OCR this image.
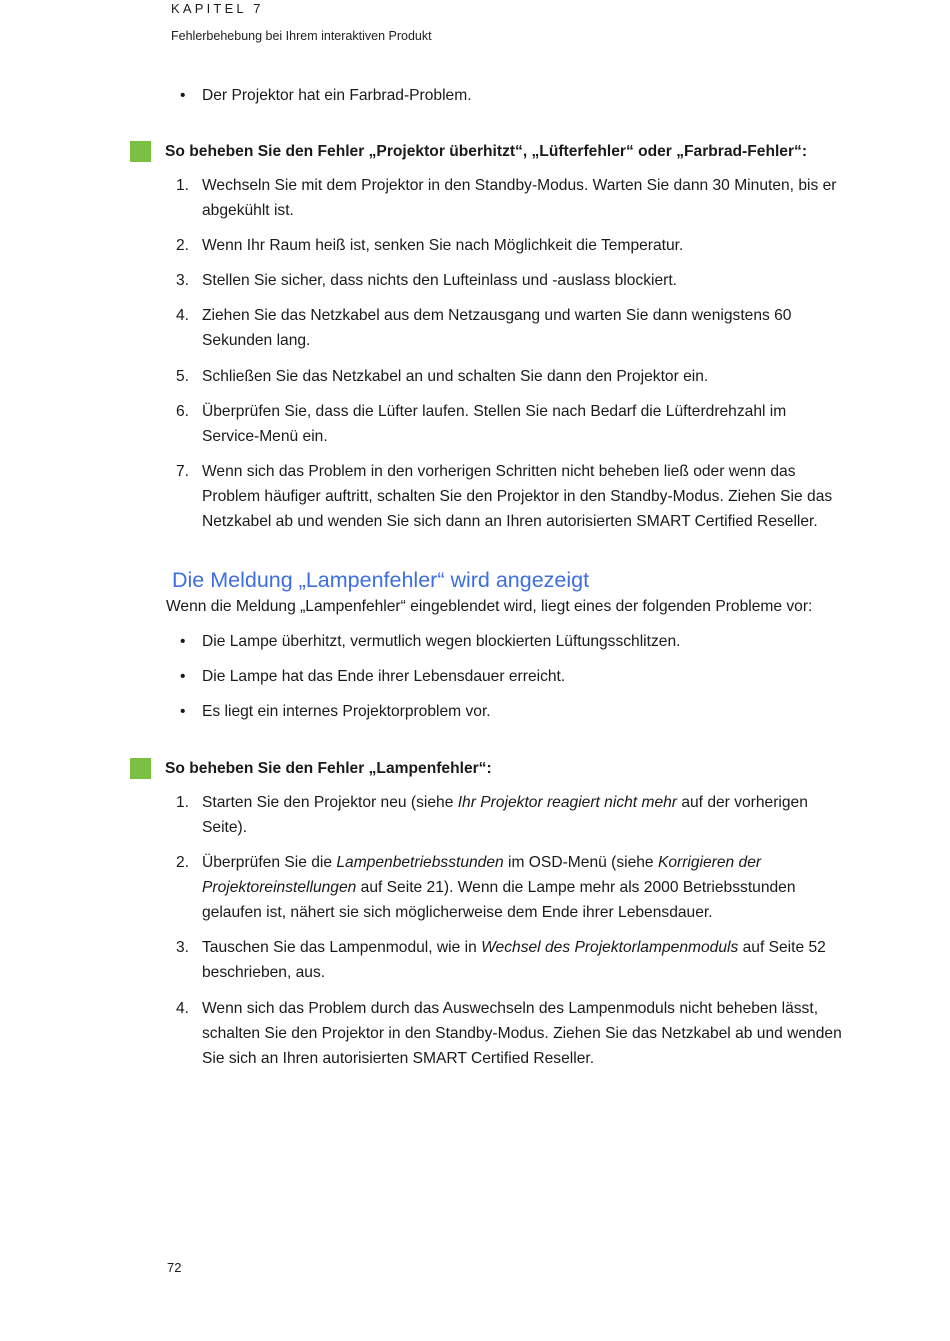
KAPITEL 7
Fehlerbehebung bei Ihrem interaktiven Produkt
•	Der Projektor hat ein Farbrad-Problem.
So beheben Sie den Fehler „Projektor überhitzt“, „Lüfterfehler“ oder „Farbrad-Fehler“:
1. Wechseln Sie mit dem Projektor in den Standby-Modus. Warten Sie dann 30 Minuten, bis er
abgekühlt ist.
2. Wenn Ihr Raum heiß ist, senken Sie nach Möglichkeit die Temperatur.
3. Stellen Sie sicher, dass nichts den Lufteinlass und -auslass blockiert.
4. Ziehen Sie das Netzkabel aus dem Netzausgang und warten Sie dann wenigstens 60
Sekunden lang.
5. Schließen Sie das Netzkabel an und schalten Sie dann den Projektor ein.
6. Überprüfen Sie, dass die Lüfter laufen. Stellen Sie nach Bedarf die Lüfterdrehzahl im
Service-Menü ein.
7. Wenn sich das Problem in den vorherigen Schritten nicht beheben ließ oder wenn das
Problem häufiger auftritt, schalten Sie den Projektor in den Standby-Modus. Ziehen Sie das
Netzkabel ab und wenden Sie sich dann an Ihren autorisierten SMART Certified Reseller.
Die Meldung „Lampenfehler“ wird angezeigt
Wenn die Meldung „Lampenfehler“ eingeblendet wird, liegt eines der folgenden Probleme vor:
•	Die Lampe überhitzt, vermutlich wegen blockierten Lüftungsschlitzen.
•	Die Lampe hat das Ende ihrer Lebensdauer erreicht.
•	Es liegt ein internes Projektorproblem vor.
So beheben Sie den Fehler „Lampenfehler“:
1. Starten Sie den Projektor neu (siehe Ihr Projektor reagiert nicht mehr auf der vorherigen
Seite).
2. Überprüfen Sie die Lampenbetriebsstunden im OSD-Menü (siehe Korrigieren der
Projektoreinstellungen auf Seite 21). Wenn die Lampe mehr als 2000 Betriebsstunden
gelaufen ist, nähert sie sich möglicherweise dem Ende ihrer Lebensdauer.
3. Tauschen Sie das Lampenmodul, wie in Wechsel des Projektorlampenmoduls auf Seite 52
beschrieben, aus.
4. Wenn sich das Problem durch das Auswechseln des Lampenmoduls nicht beheben lässt,
schalten Sie den Projektor in den Standby-Modus. Ziehen Sie das Netzkabel ab und wenden
Sie sich an Ihren autorisierten SMART Certified Reseller.
72
